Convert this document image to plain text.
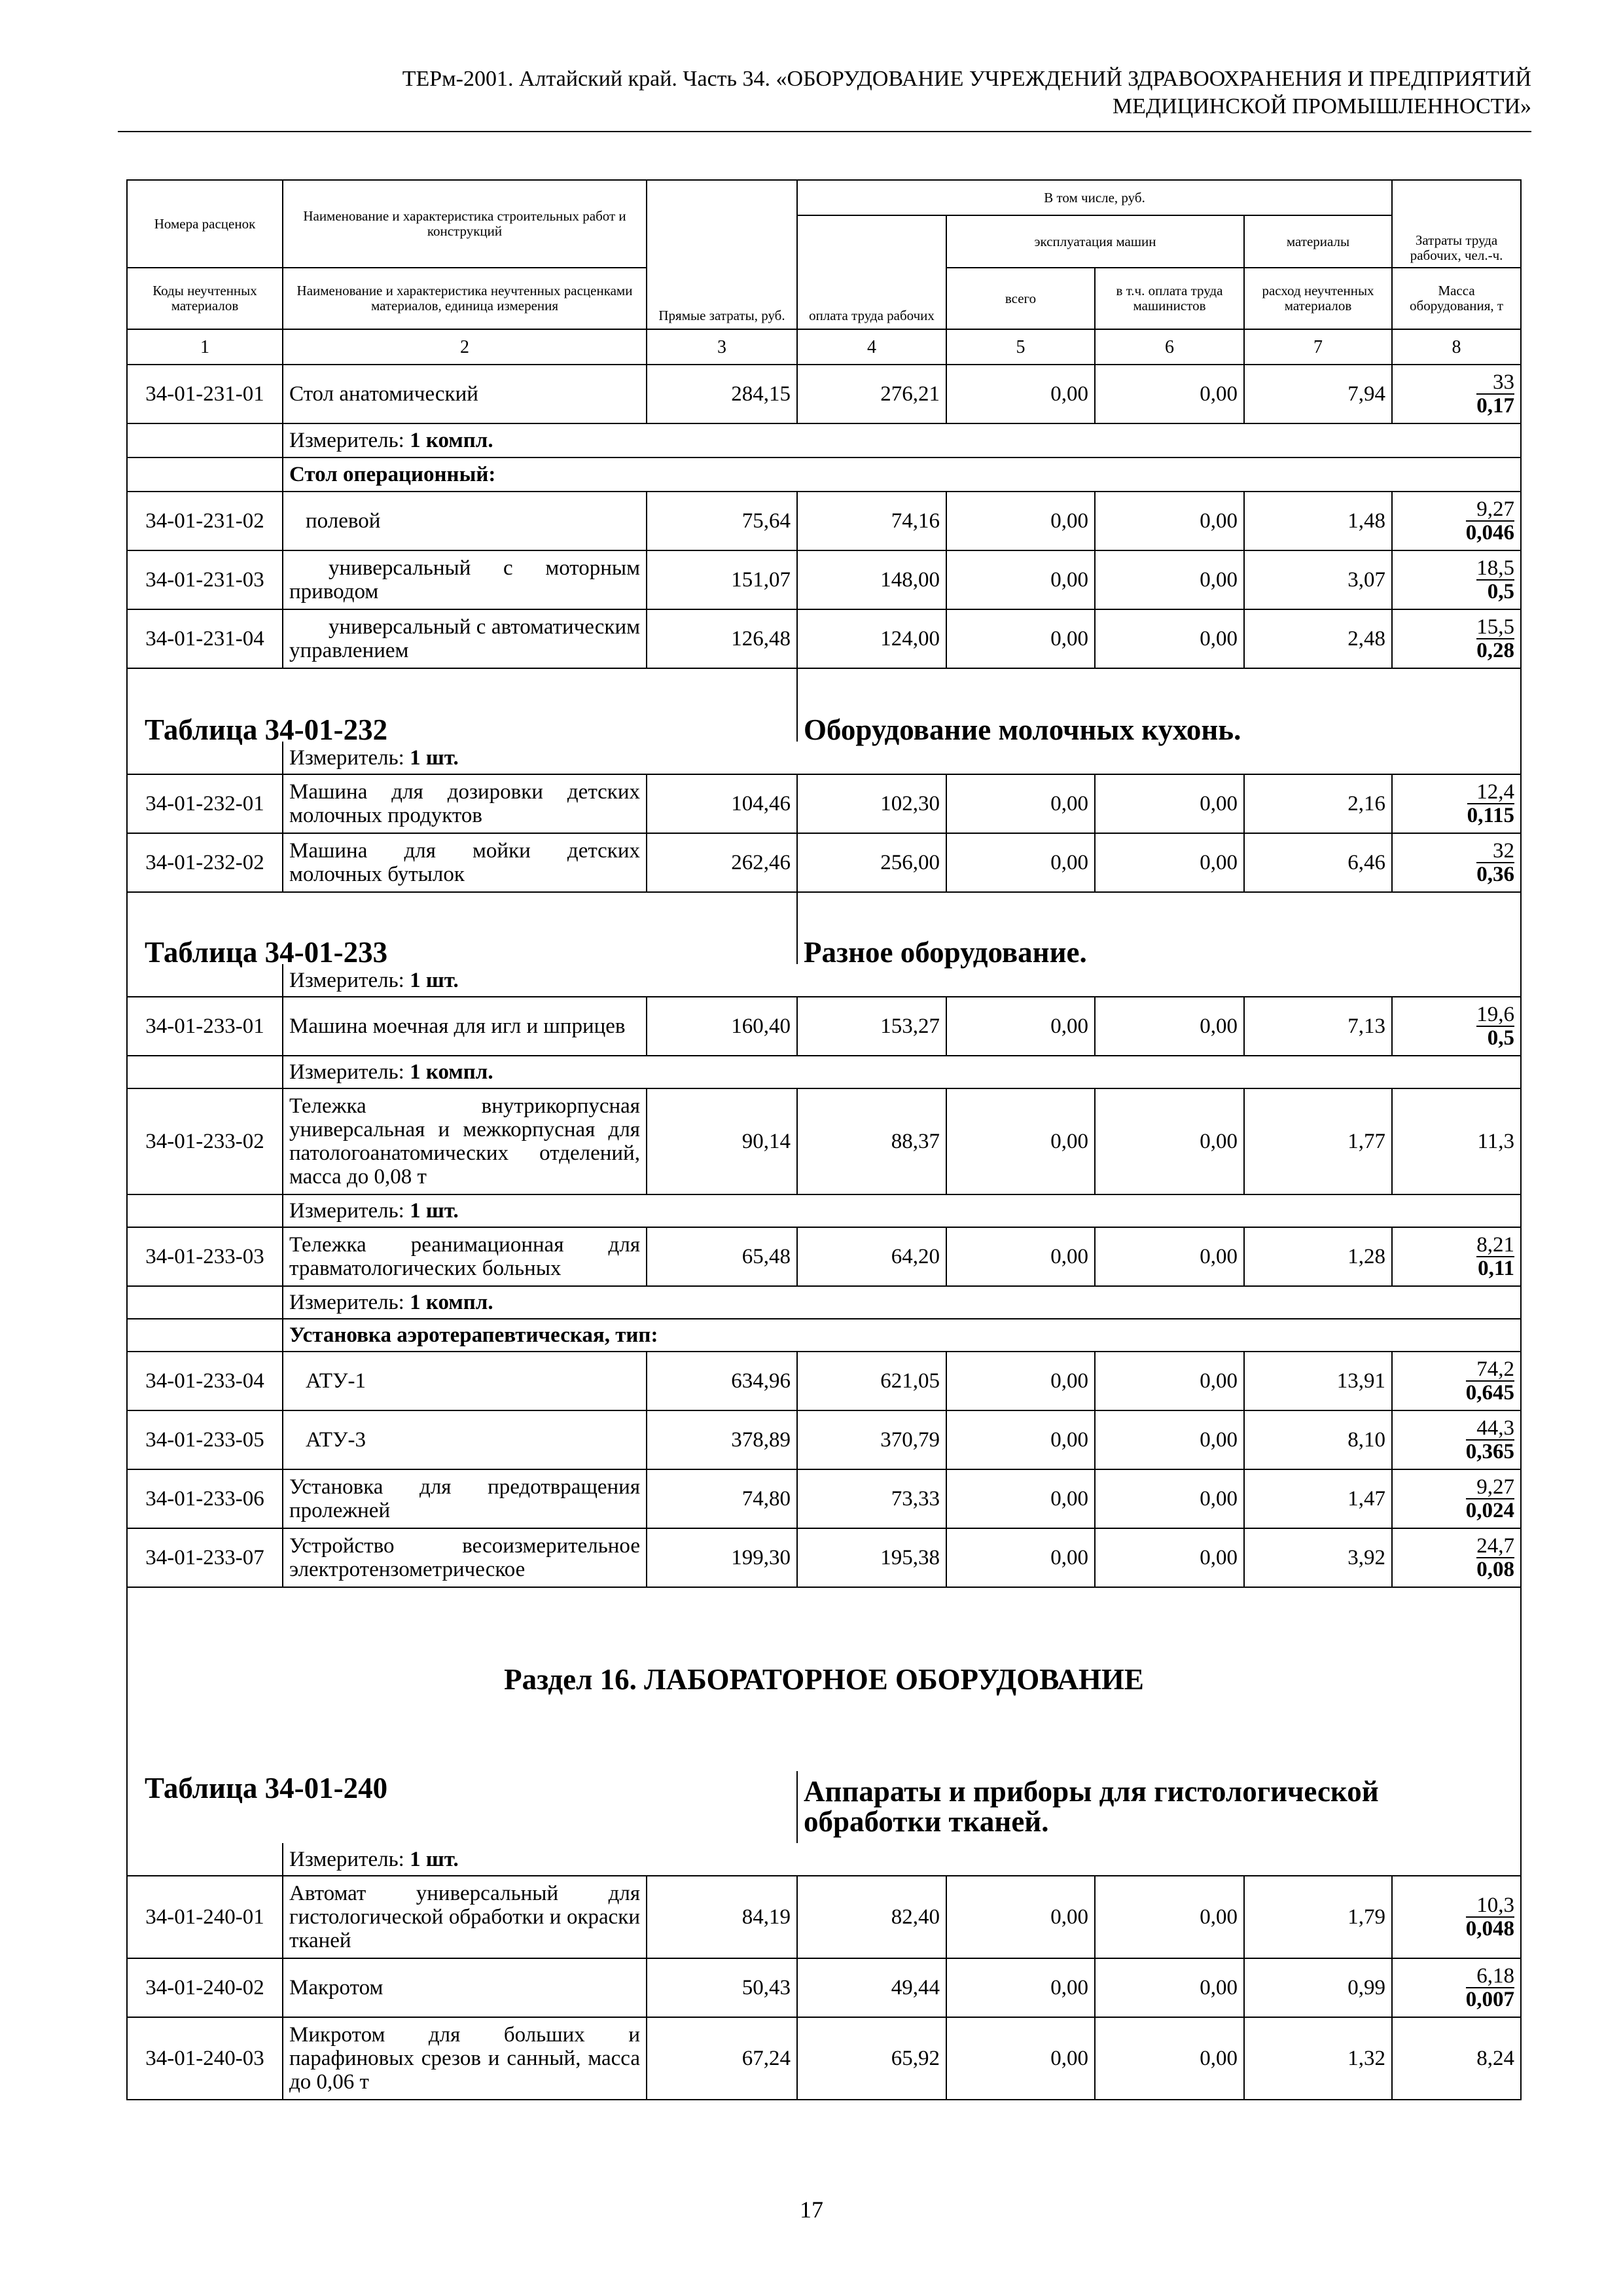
ТЕРм-2001. Алтайский край. Часть 34. «ОБОРУДОВАНИЕ УЧРЕЖДЕНИЙ ЗДРАВООХРАНЕНИЯ И ПРЕДПРИЯТИЙ
МЕДИЦИНСКОЙ ПРОМЫШЛЕННОСТИ»
Номера расценок	Наименование и характеристика строительных работ и конструкций	Прямые затраты, руб.	В том числе, руб.				Затраты труда рабочих, чел.-ч.
			оплата труда рабочих	эксплуатация машин		материалы	
Коды неучтенных материалов	Наименование и характеристика неучтенных расценками материалов, единица измерения			всего	в т.ч. оплата труда машинистов	расход неучтенных материалов	Масса оборудования, т
1	2	3	4	5	6	7	8
34-01-231-01	Стол анатомический	284,15	276,21	0,00	0,00	7,94	$\frac{33}{0,17}$

	Измеритель: 1 компл.						
	Стол операционный:						
34-01-231-02	полевой	75,64	74,16	0,00	0,00	1,48	$\frac{9,27}{0,046}$

34-01-231-03	универсальный с моторным приводом	151,07	148,00	0,00	0,00	3,07	$\frac{18,5}{0,5}$

34-01-231-04	универсальный с автоматическим управлением	126,48	124,00	0,00	0,00	2,48	$\frac{15,5}{0,28}$

Таблица 34-01-232			Оборудование молочных кухонь.				
	Измеритель: 1 шт.						
34-01-232-01	Машина для дозировки детских молочных продуктов	104,46	102,30	0,00	0,00	2,16	$\frac{12,4}{0,115}$

34-01-232-02	Машина для мойки детских молочных бутылок	262,46	256,00	0,00	0,00	6,46	$\frac{32}{0,36}$

Таблица 34-01-233			Разное оборудование.				
	Измеритель: 1 шт.						
34-01-233-01	Машина моечная для игл и шприцев	160,40	153,27	0,00	0,00	7,13	$\frac{19,6}{0,5}$

	Измеритель: 1 компл.						
34-01-233-02	Тележка внутрикорпусная универсальная и межкорпусная для патологоанатомических отделений, масса до 0,08 т	90,14	88,37	0,00	0,00	1,77	11,3
	Измеритель: 1 шт.						
34-01-233-03	Тележка реанимационная для травматологических больных	65,48	64,20	0,00	0,00	1,28	$\frac{8,21}{0,11}$

	Измеритель: 1 компл.						
	Установка аэротерапевтическая, тип:						
34-01-233-04	АТУ-1	634,96	621,05	0,00	0,00	13,91	$\frac{74,2}{0,645}$

34-01-233-05	АТУ-3	378,89	370,79	0,00	0,00	8,10	$\frac{44,3}{0,365}$

34-01-233-06	Установка для предотвращения пролежней	74,80	73,33	0,00	0,00	1,47	$\frac{9,27}{0,024}$

34-01-233-07	Устройство весоизмерительное электротензометрическое	199,30	195,38	0,00	0,00	3,92	$\frac{24,7}{0,08}$

Раздел 16. ЛАБОРАТОРНОЕ ОБОРУДОВАНИЕ							
Таблица 34-01-240			Аппараты и приборы для гистологической обработки тканей.				
	Измеритель: 1 шт.						
34-01-240-01	Автомат универсальный для гистологической обработки и окраски тканей	84,19	82,40	0,00	0,00	1,79	$\frac{10,3}{0,048}$

34-01-240-02	Макротом	50,43	49,44	0,00	0,00	0,99	$\frac{6,18}{0,007}$

34-01-240-03	Микротом для больших и парафиновых срезов и санный, масса до 0,06 т	67,24	65,92	0,00	0,00	1,32	8,24
17
